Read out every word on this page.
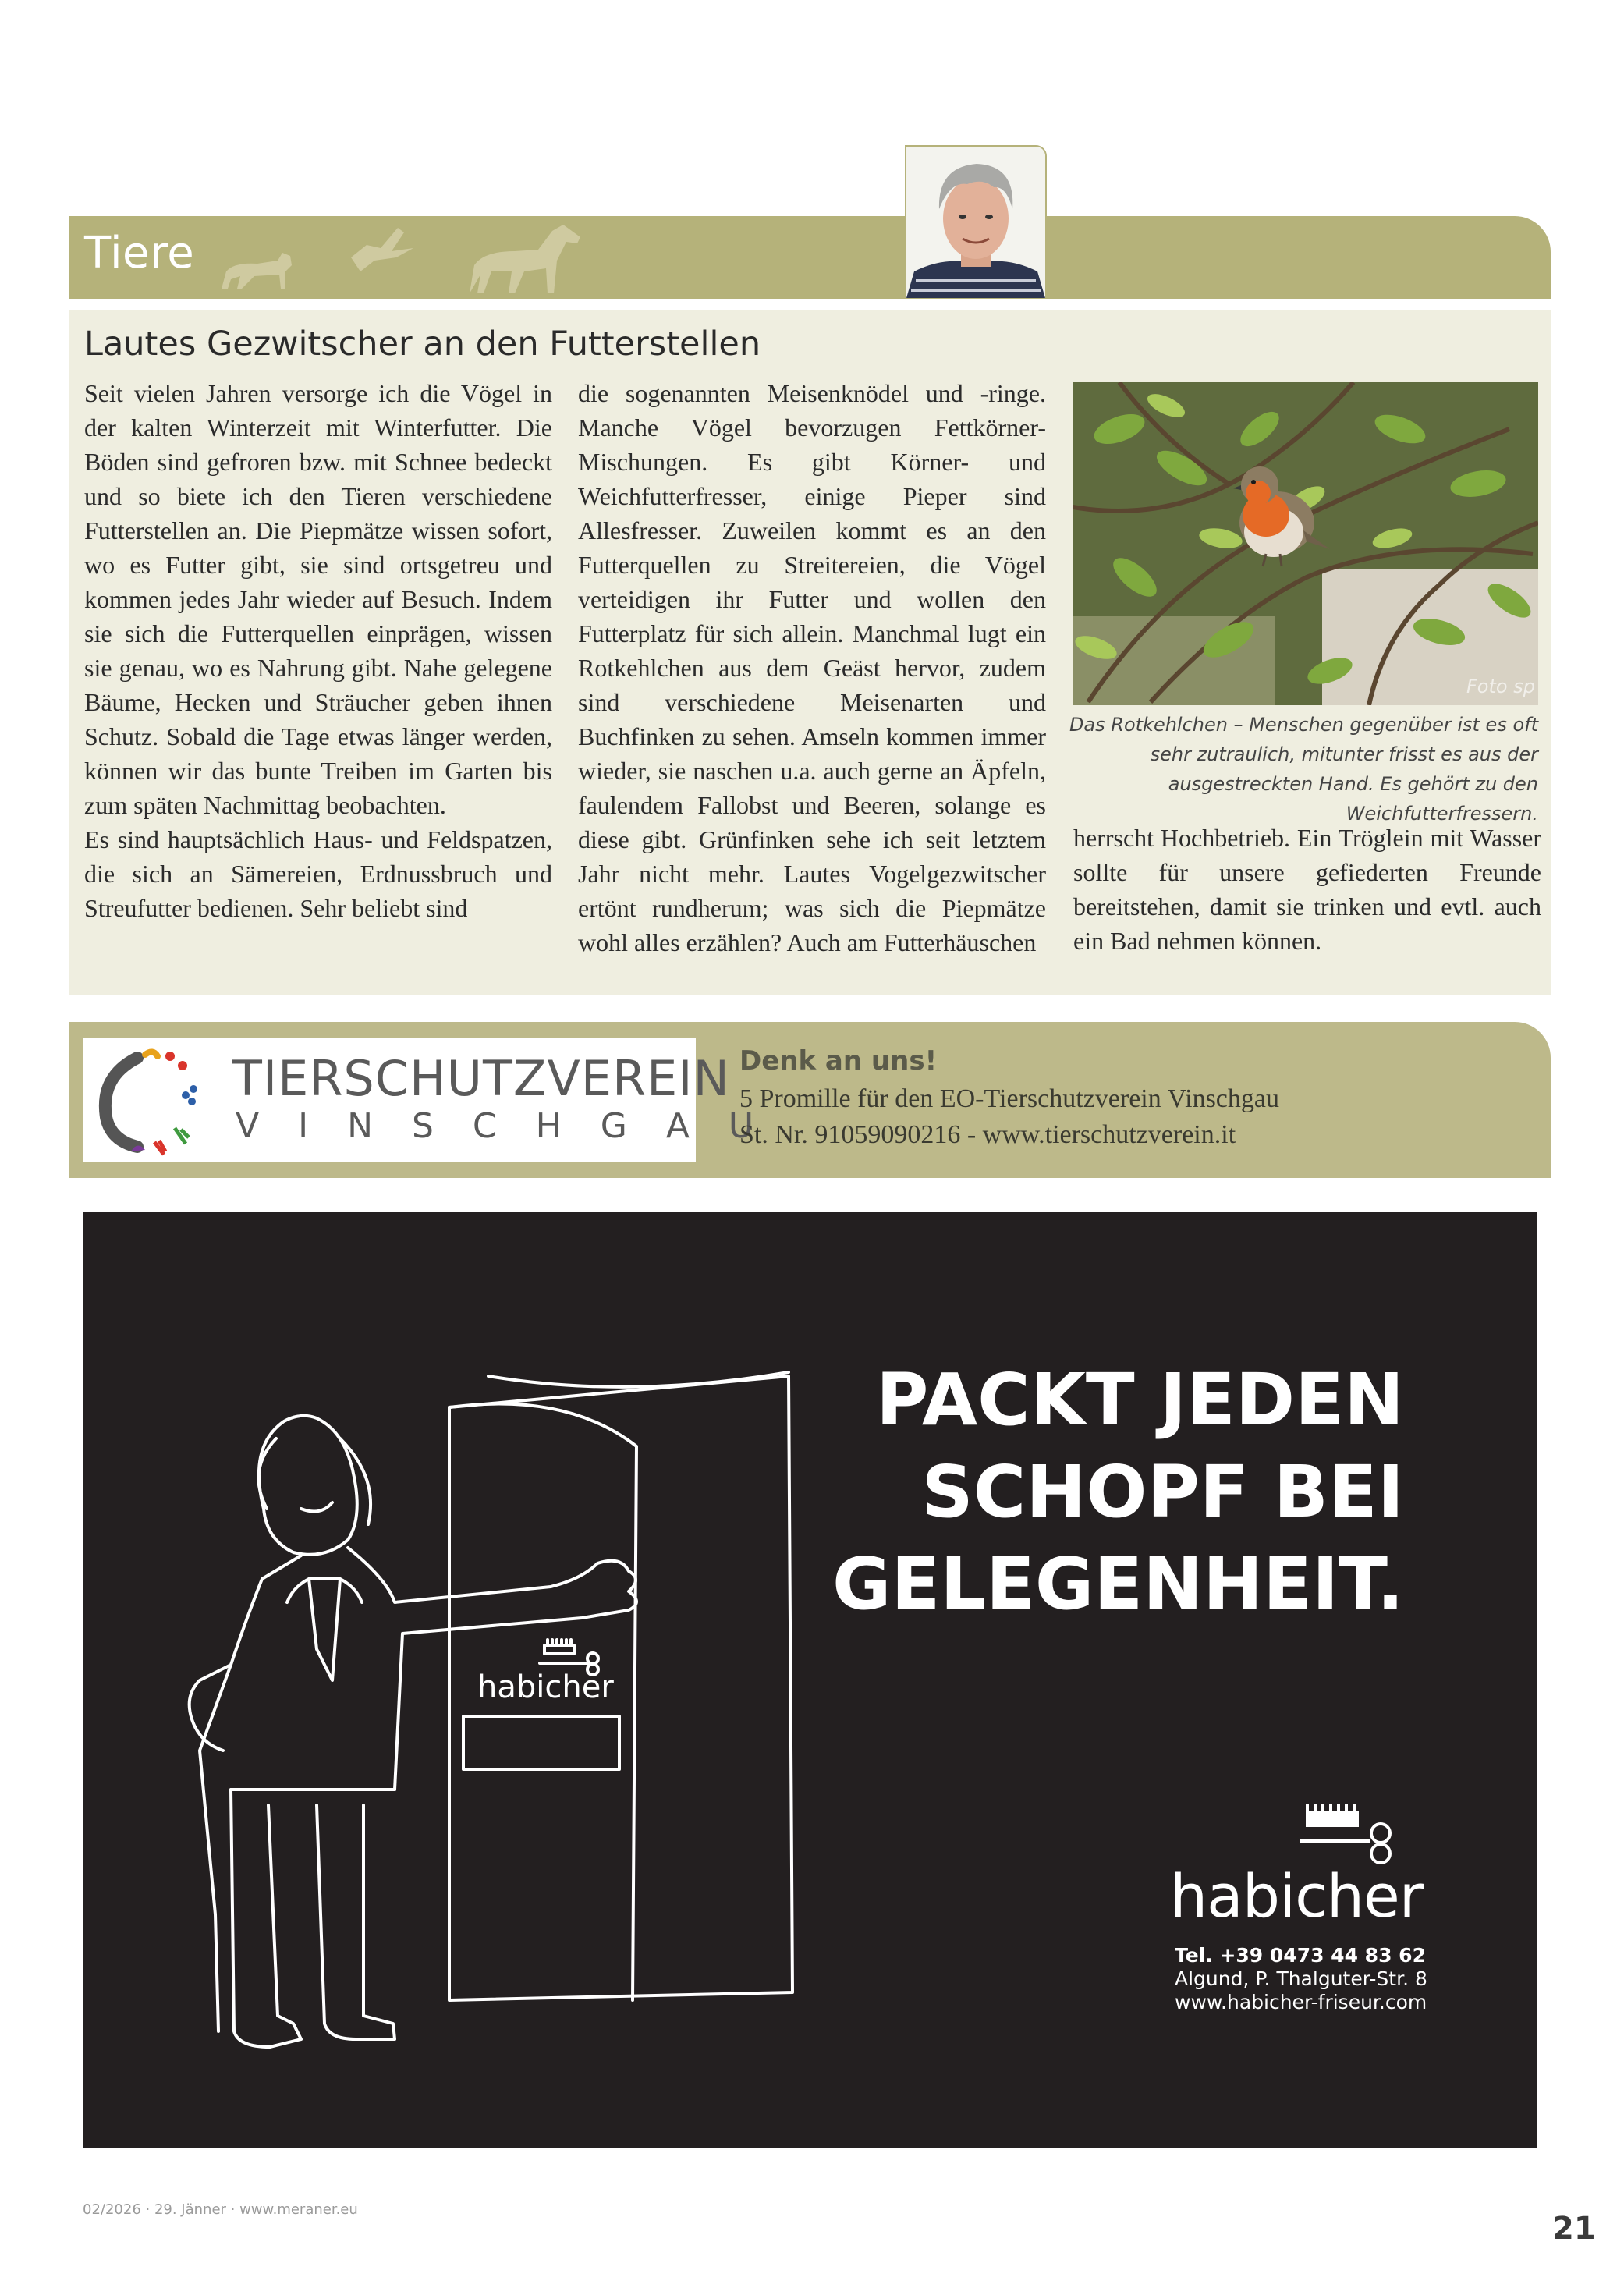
Tiere
Lautes Gezwitscher an den Futterstellen
Seit vielen Jahren versorge ich die Vögel in der kalten Winterzeit mit Winterfutter. Die Böden sind gefroren bzw. mit Schnee bedeckt und so biete ich den Tieren verschiedene Futterstellen an. Die Piepmätze wissen sofort, wo es Futter gibt, sie sind ortsgetreu und kommen jedes Jahr wieder auf Besuch. Indem sie sich die Futterquellen einprägen, wissen sie genau, wo es Nahrung gibt. Nahe gelegene Bäume, Hecken und Sträucher geben ihnen Schutz. Sobald die Tage etwas länger werden, können wir das bunte Treiben im Garten bis zum späten Nachmittag beobachten.
Es sind hauptsächlich Haus- und Feldspatzen, die sich an Sämereien, Erdnussbruch und Streufutter bedienen. Sehr beliebt sind
die sogenannten Meisenknödel und -ringe. Manche Vögel bevorzugen Fettkörner-Mischungen. Es gibt Körner- und Weichfutterfresser, einige Pieper sind Allesfresser. Zuweilen kommt es an den Futterquellen zu Streitereien, die Vögel verteidigen ihr Futter und wollen den Futterplatz für sich allein. Manchmal lugt ein Rotkehlchen aus dem Geäst hervor, zudem sind verschiedene Meisenarten und Buchfinken zu sehen. Amseln kommen immer wieder, sie naschen u.a. auch gerne an Äpfeln, faulendem Fallobst und Beeren, solange es diese gibt. Grünfinken sehe ich seit letztem Jahr nicht mehr. Lautes Vogelgezwitscher ertönt rundherum; was sich die Piepmätze wohl alles erzählen? Auch am Futterhäuschen
Foto sp
Das Rotkehlchen – Menschen gegenüber ist es oft sehr zutraulich, mitunter frisst es aus der ausgestreckten Hand. Es gehört zu den Weichfutterfressern.
herrscht Hochbetrieb. Ein Tröglein mit Wasser sollte für unsere gefiederten Freunde bereitstehen, damit sie trinken und evtl. auch ein Bad nehmen können.
TIERSCHUTZVEREIN
VINSCHGAU
Denk an uns!
5 Promille für den EO-Tierschutzverein Vinschgau
St. Nr. 91059090216 - www.tierschutzverein.it
habicher
PACKT JEDEN
SCHOPF BEI
GELEGENHEIT.
habicher
Tel. +39 0473 44 83 62
Algund, P. Thalguter-Str. 8
www.habicher-friseur.com
02/2026 · 29. Jänner · www.meraner.eu
21
